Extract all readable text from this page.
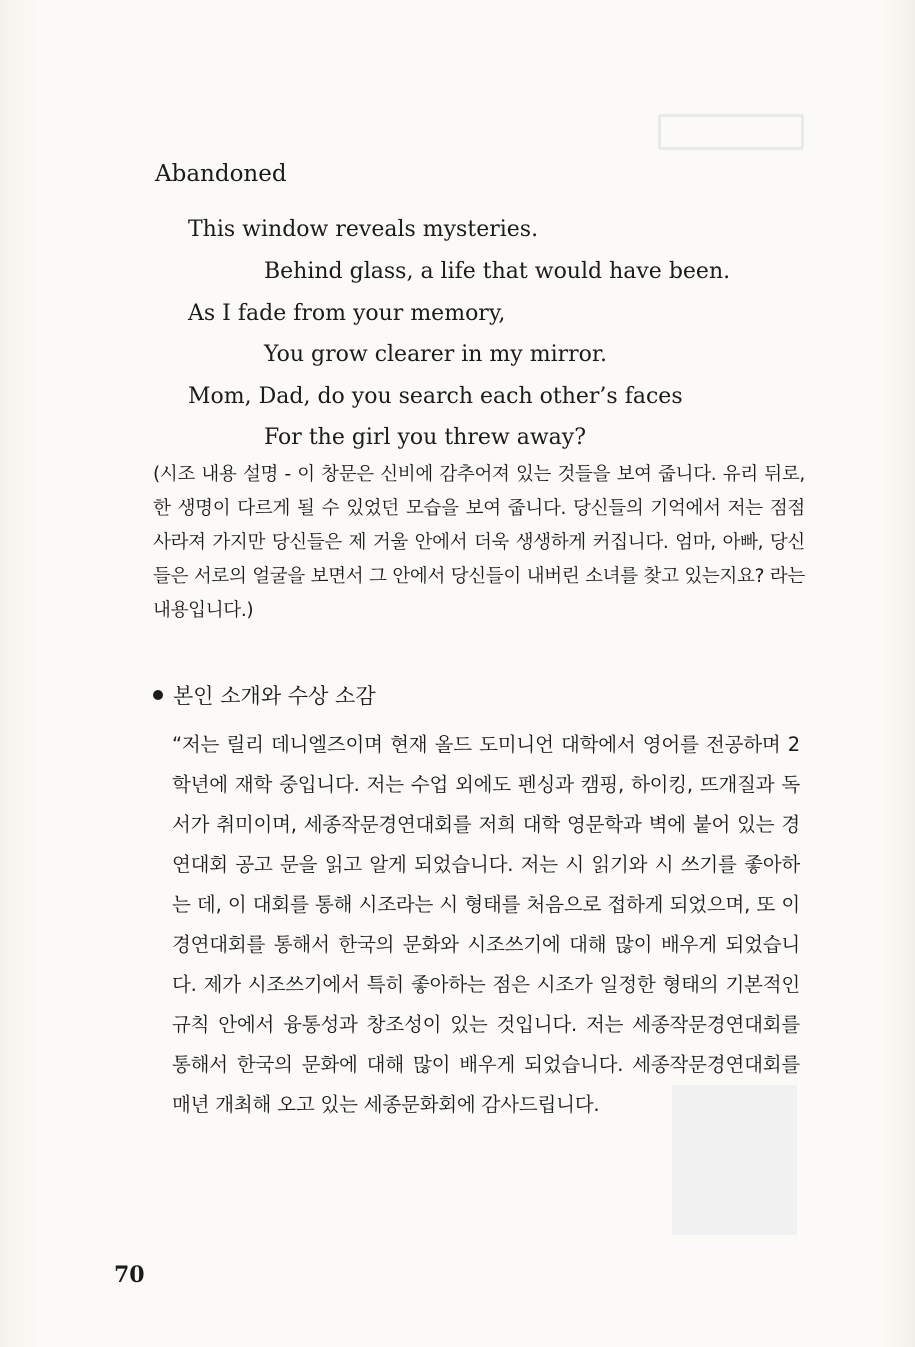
Abandoned

This window reveals mysteries.

Behind glass, a life that would have been.

As I fade from your memory,

You grow clearer in my mirror.

Mom, Dad, do you search each other’s faces

For the girl you threw away?

(시조 내용 설명 - 이 창문은 신비에 감추어져 있는 것들을 보여 줍니다. 유리 뒤로, 한 생명이 다르게 될 수 있었던 모습을 보여 줍니다. 당신들의 기억에서 저는 점점 사라져 가지만 당신들은 제 거울 안에서 더욱 생생하게 커집니다. 엄마, 아빠, 당신들은 서로의 얼굴을 보면서 그 안에서 당신들이 내버린 소녀를 찾고 있는지요? 라는 내용입니다.)

본인 소개와 수상 소감

“저는 릴리 데니엘즈이며 현재 올드 도미니언 대학에서 영어를 전공하며 2학년에 재학 중입니다. 저는 수업 외에도 펜싱과 캠핑, 하이킹, 뜨개질과 독서가 취미이며, 세종작문경연대회를 저희 대학 영문학과 벽에 붙어 있는 경연대회 공고 문을 읽고 알게 되었습니다. 저는 시 읽기와 시 쓰기를 좋아하는 데, 이 대회를 통해 시조라는 시 형태를 처음으로 접하게 되었으며, 또 이 경연대회를 통해서 한국의 문화와 시조쓰기에 대해 많이 배우게 되었습니다. 제가 시조쓰기에서 특히 좋아하는 점은 시조가 일정한 형태의 기본적인 규칙 안에서 융통성과 창조성이 있는 것입니다. 저는 세종작문경연대회를 통해서 한국의 문화에 대해 많이 배우게 되었습니다. 세종작문경연대회를 매년 개최해 오고 있는 세종문화회에 감사드립니다.

70
